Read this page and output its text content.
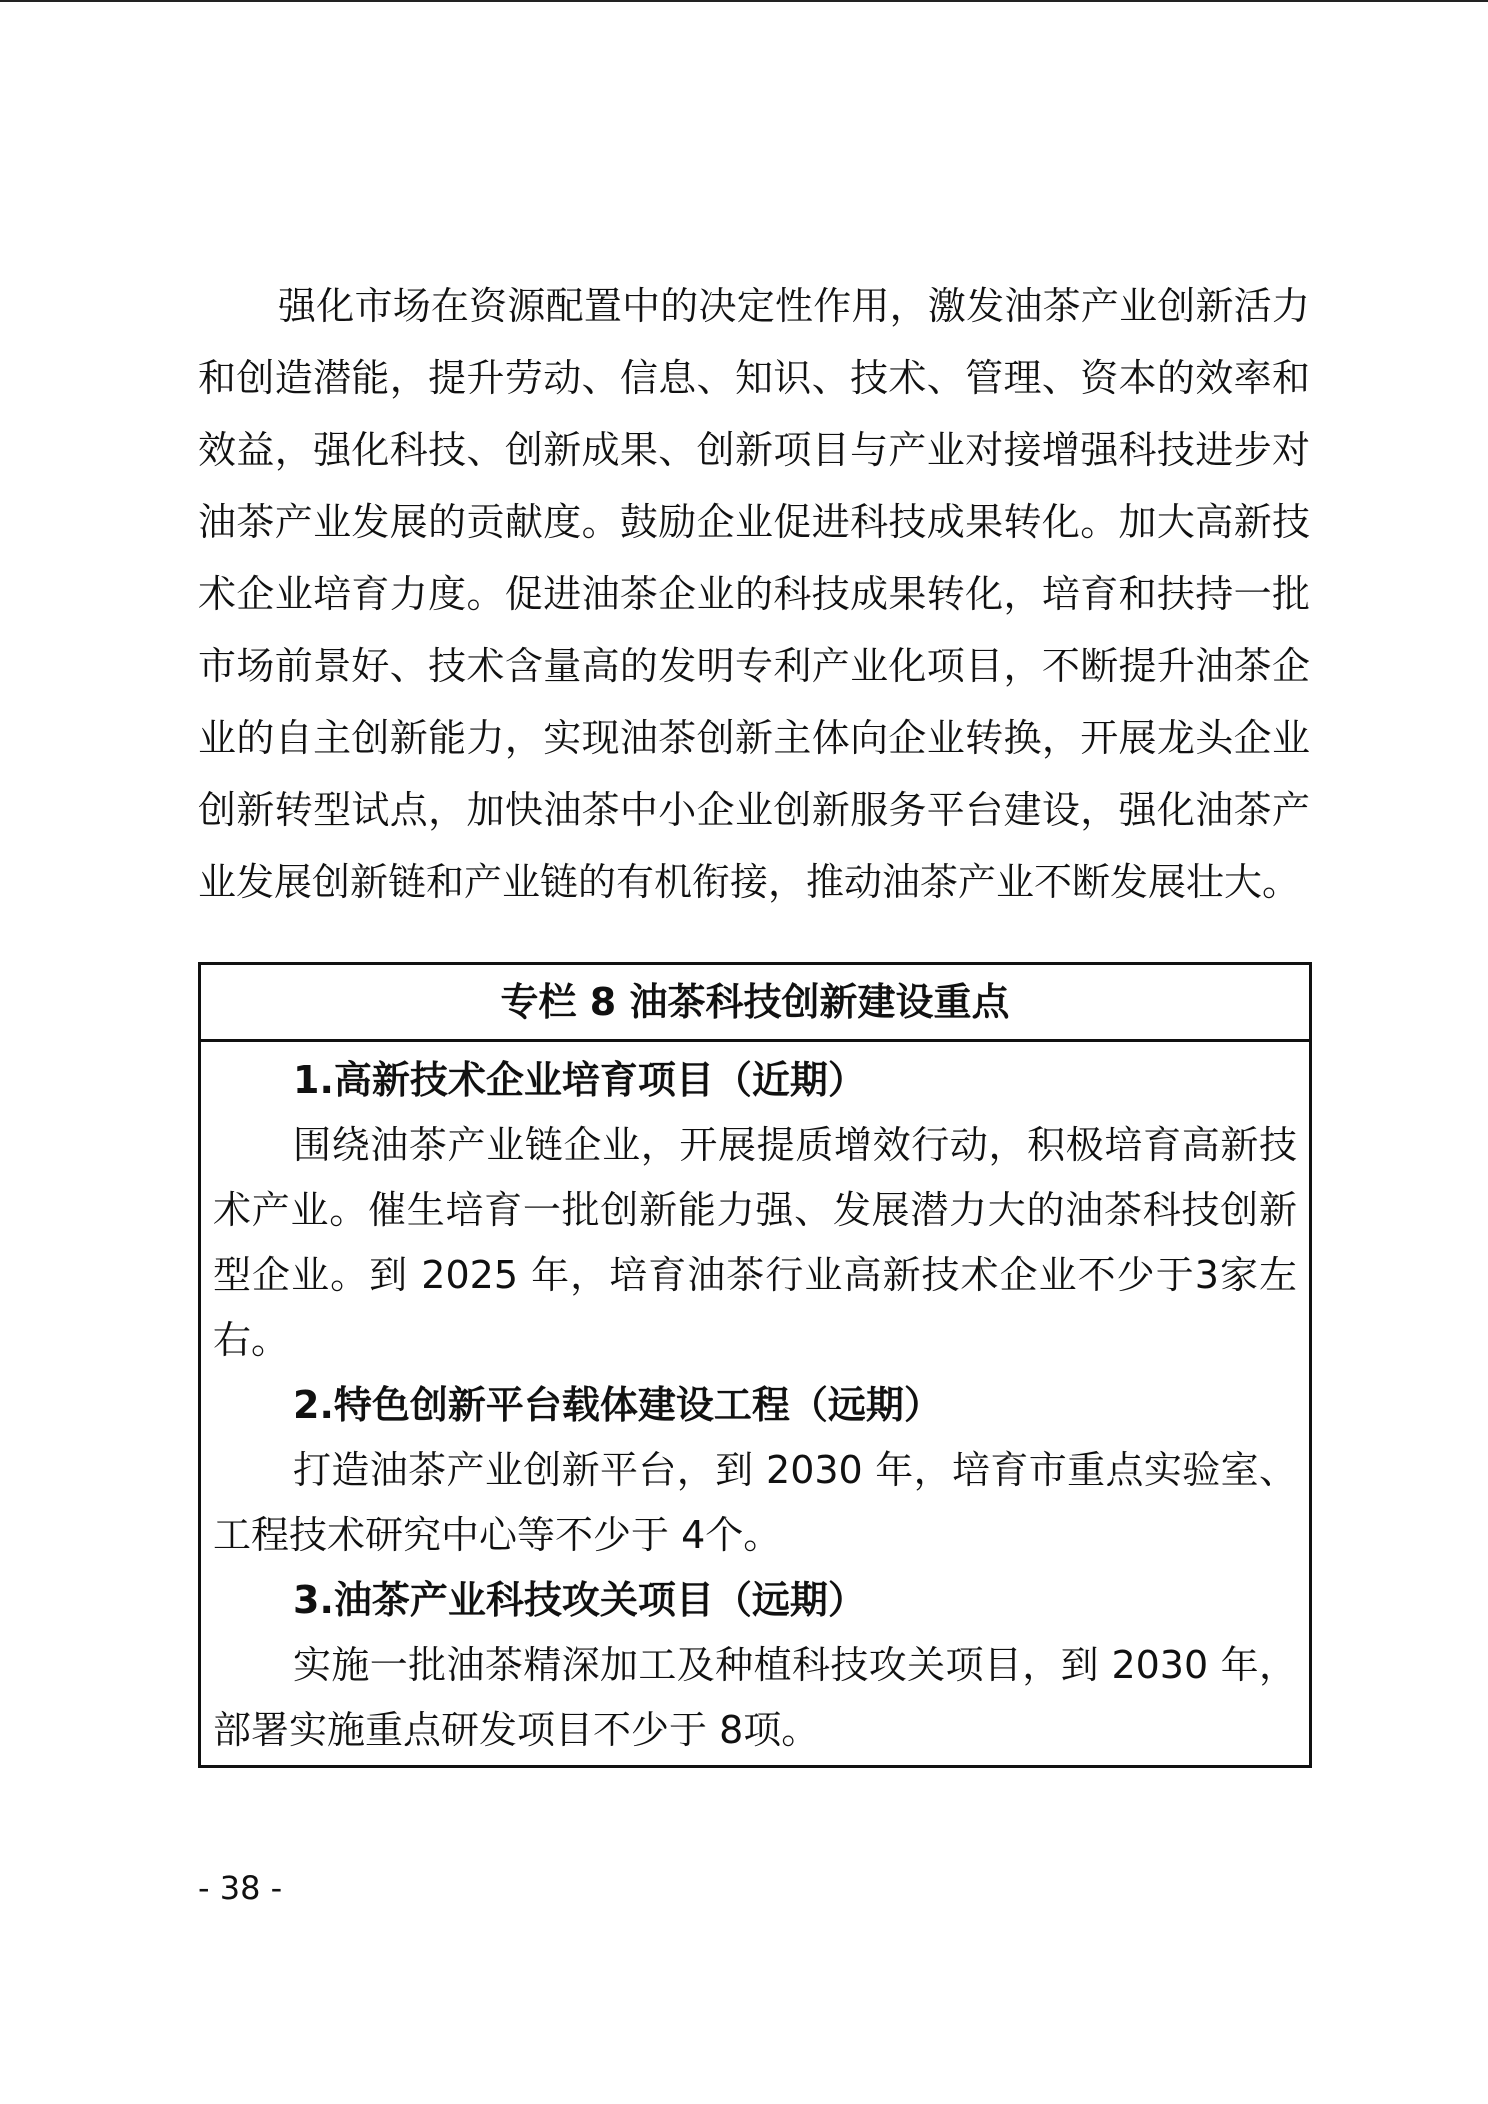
强化市场在资源配置中的决定性作用，激发油茶产业创新活力和创造潜能，提升劳动、信息、知识、技术、管理、资本的效率和效益，强化科技、创新成果、创新项目与产业对接增强科技进步对油茶产业发展的贡献度。鼓励企业促进科技成果转化。加大高新技术企业培育力度。促进油茶企业的科技成果转化，培育和扶持一批市场前景好、技术含量高的发明专利产业化项目，不断提升油茶企业的自主创新能力，实现油茶创新主体向企业转换，开展龙头企业创新转型试点，加快油茶中小企业创新服务平台建设，强化油茶产业发展创新链和产业链的有机衔接，推动油茶产业不断发展壮大。

专栏 8 油茶科技创新建设重点

1.高新技术企业培育项目（近期）

围绕油茶产业链企业，开展提质增效行动，积极培育高新技术产业。催生培育一批创新能力强、发展潜力大的油茶科技创新型企业。到 2025 年，培育油茶行业高新技术企业不少于3家左右。

2.特色创新平台载体建设工程（远期）

打造油茶产业创新平台，到 2030 年，培育市重点实验室、工程技术研究中心等不少于 4个。

3.油茶产业科技攻关项目（远期）

实施一批油茶精深加工及种植科技攻关项目，到 2030 年，部署实施重点研发项目不少于 8项。

- 38 -
